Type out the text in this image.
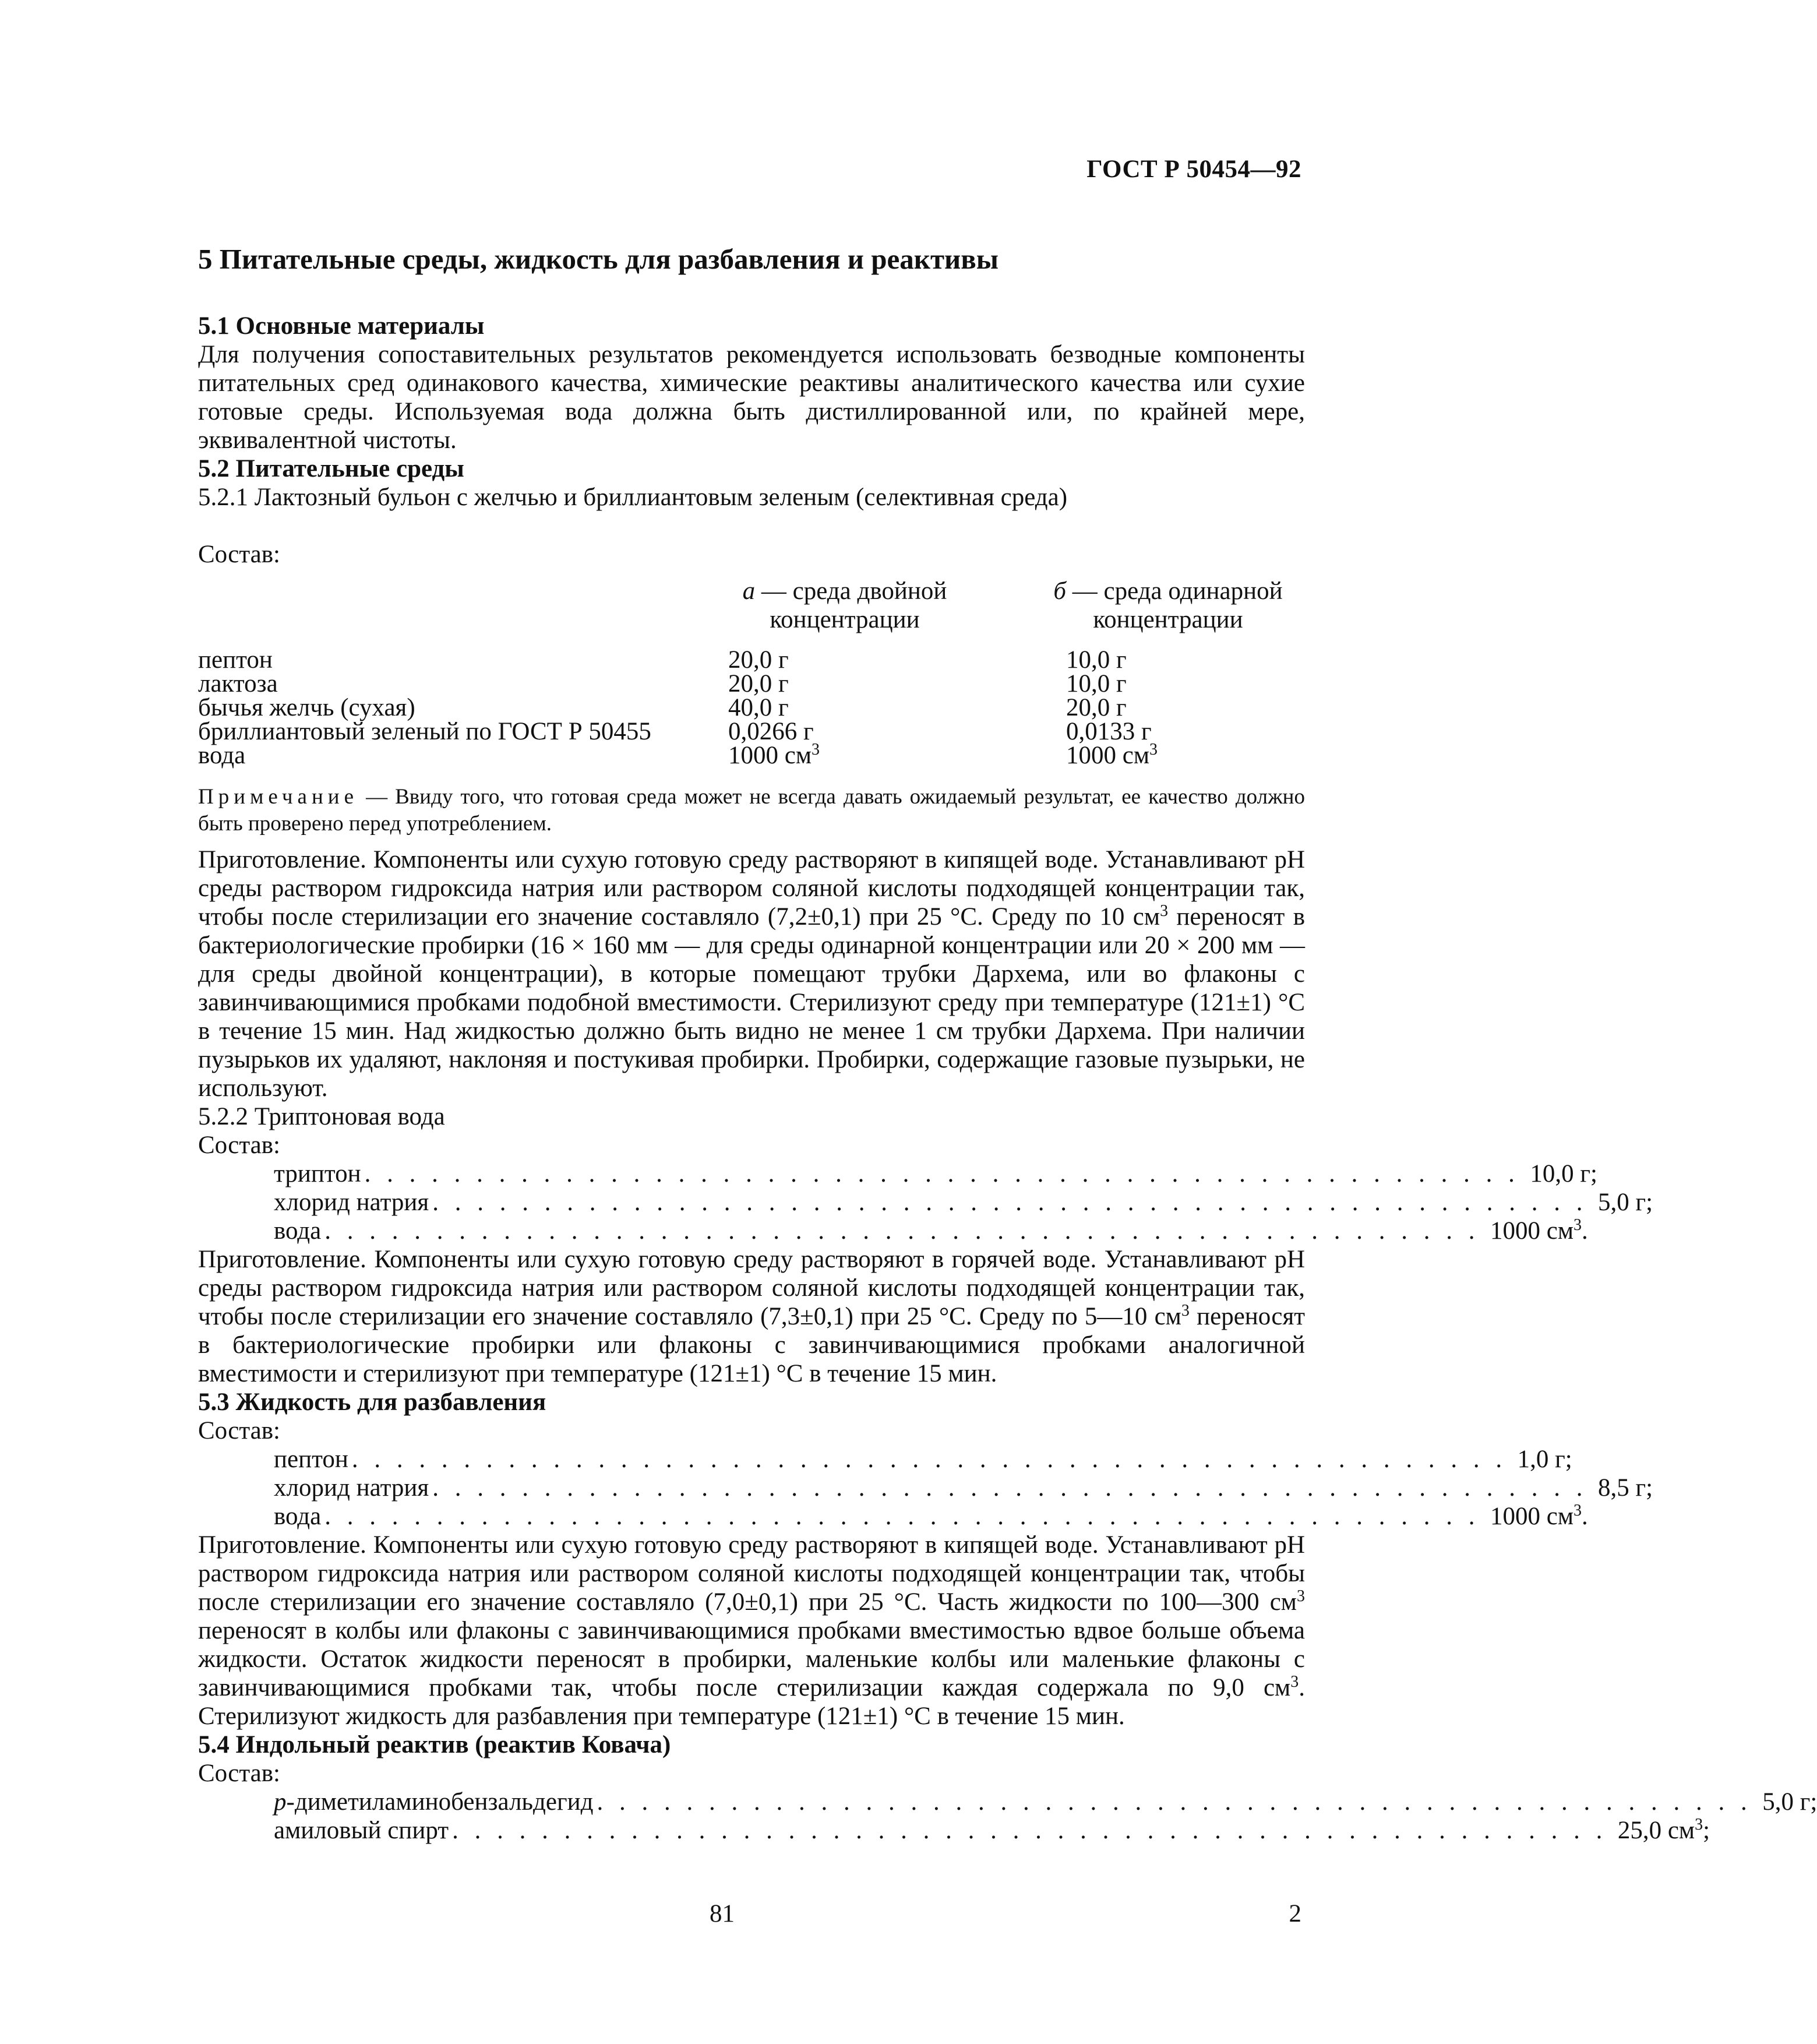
ГОСТ Р 50454—92
5 Питательные среды, жидкость для разбавления и реактивы
5.1 Основные материалы

Для получения сопоставительных результатов рекомендуется использовать безводные компоненты питательных сред одинакового качества, химические реактивы аналитического качества или сухие готовые среды. Используемая вода должна быть дистиллированной или, по крайней мере, эквивалентной чистоты.

5.2 Питательные среды
5.2.1 Лактозный бульон с желчью и бриллиантовым зеленым (селективная среда)
Состав:
а — среда двойной
концентрации
б — среда одинарной
концентрации
пептон	20,0 г	10,0 г
лактоза	20,0 г	10,0 г
бычья желчь (сухая)	40,0 г	20,0 г
бриллиантовый зеленый по ГОСТ Р 50455	0,0266 г	0,0133 г
вода	1000 $см^3$	1000 $см^3$
Примечание — Ввиду того, что готовая среда может не всегда давать ожидаемый результат, ее качество должно быть проверено перед употреблением.

Приготовление. Компоненты или сухую готовую среду растворяют в кипящей воде. Устанавливают pH среды раствором гидроксида натрия или раствором соляной кислоты подходящей концентрации так, чтобы после стерилизации его значение составляло (7,2±0,1) при 25 °С. Среду по 10 $см^3$ переносят в бактериологические пробирки (16 × 160 мм — для среды одинарной концентрации или 20 × 200 мм — для среды двойной концентрации), в которые помещают трубки Дархема, или во флаконы с завинчивающимися пробками подобной вместимости. Стерилизуют среду при температуре (121±1) °С в течение 15 мин. Над жидкостью должно быть видно не менее 1 см трубки Дархема. При наличии пузырьков их удаляют, наклоняя и постукивая пробирки. Пробирки, содержащие газовые пузырьки, не используют.

5.2.2 Триптоновая вода
Состав:
триптон . . . . . . . . . . . . . . . . . . . . . . . . . . . . . . . . . . . . . . . . . . . . . . . . . . . . 10,0 г;
хлорид натрия . . . . . . . . . . . . . . . . . . . . . . . . . . . . . . . . . . . . . . . . . . . . . . . . . . . . 5,0 г;
вода . . . . . . . . . . . . . . . . . . . . . . . . . . . . . . . . . . . . . . . . . . . . . . . . . . . . 1000 $см^3$.

Приготовление. Компоненты или сухую готовую среду растворяют в горячей воде. Устанавливают pH среды раствором гидроксида натрия или раствором соляной кислоты подходящей концентрации так, чтобы после стерилизации его значение составляло (7,3±0,1) при 25 °С. Среду по 5—10 $см^3$ переносят в бактериологические пробирки или флаконы с завинчивающимися пробками аналогичной вместимости и стерилизуют при температуре (121±1) °С в течение 15 мин.

5.3 Жидкость для разбавления
Состав:
пептон . . . . . . . . . . . . . . . . . . . . . . . . . . . . . . . . . . . . . . . . . . . . . . . . . . . . 1,0 г;
хлорид натрия . . . . . . . . . . . . . . . . . . . . . . . . . . . . . . . . . . . . . . . . . . . . . . . . . . . . 8,5 г;
вода . . . . . . . . . . . . . . . . . . . . . . . . . . . . . . . . . . . . . . . . . . . . . . . . . . . . 1000 $см^3$.

Приготовление. Компоненты или сухую готовую среду растворяют в кипящей воде. Устанавливают pH раствором гидроксида натрия или раствором соляной кислоты подходящей концентрации так, чтобы после стерилизации его значение составляло (7,0±0,1) при 25 °С. Часть жидкости по 100—300 $см^3$ переносят в колбы или флаконы с завинчивающимися пробками вместимостью вдвое больше объема жидкости. Остаток жидкости переносят в пробирки, маленькие колбы или маленькие флаконы с завинчивающимися пробками так, чтобы после стерилизации каждая содержала по 9,0 $см^3$. Стерилизуют жидкость для разбавления при температуре (121±1) °С в течение 15 мин.

5.4 Индольный реактив (реактив Ковача)
Состав:
p-диметиламинобензальдегид . . . . . . . . . . . . . . . . . . . . . . . . . . . . . . . . . . . . . . . . . . . . . . . . . . . . 5,0 г;
амиловый спирт . . . . . . . . . . . . . . . . . . . . . . . . . . . . . . . . . . . . . . . . . . . . . . . . . . . . 25,0 $см^3$;
81	2
